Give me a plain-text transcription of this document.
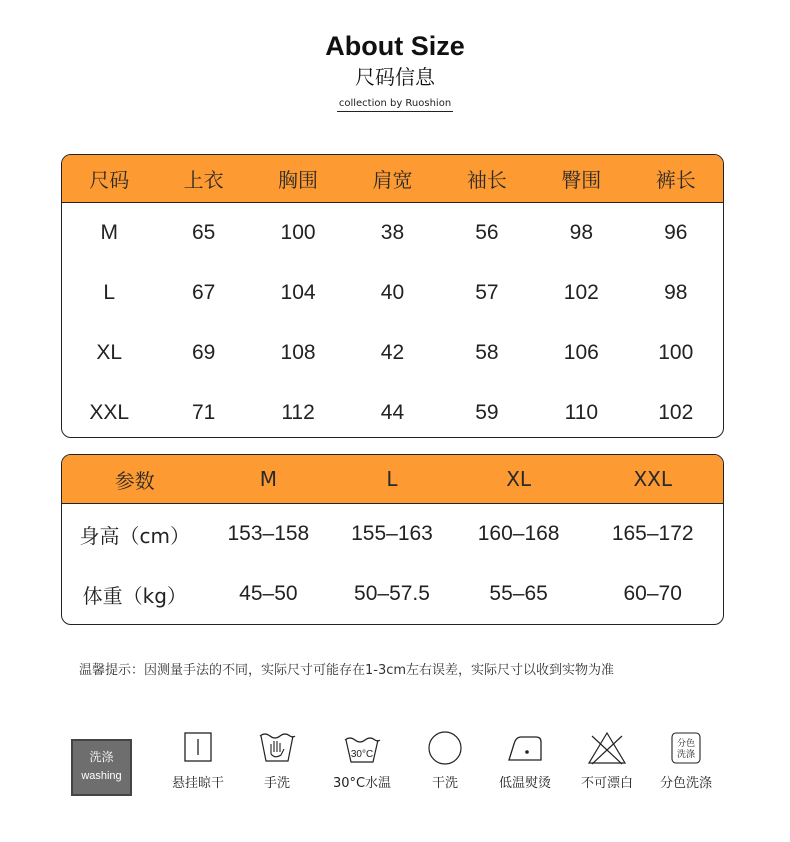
About Size
尺码信息
collection by Ruoshion
尺码	上衣	胸围	肩宽	袖长	臀围	裤长
M	65	100	38	56	98	96
L	67	104	40	57	102	98
XL	69	108	42	58	106	100
XXL	71	112	44	59	110	102
参数	M	L	XL	XXL
身高（cm）	153–158	155–163	160–168	165–172
体重（kg）	45–50	50–57.5	55–65	60–70
温馨提示：因测量手法的不同，实际尺寸可能存在1-3cm左右误差，实际尺寸以收到实物为准
洗涤
washing	悬挂晾干	手洗
30°C
30°C水温	干洗	低温熨烫	不可漂白
分色
洗涤
分色洗涤
